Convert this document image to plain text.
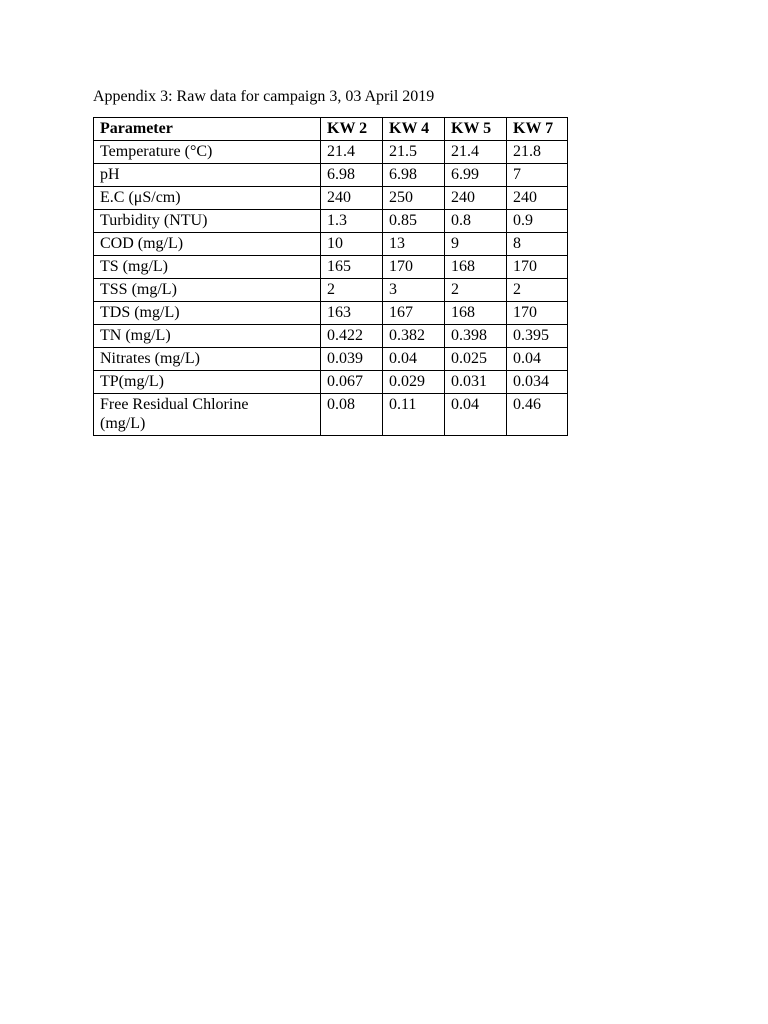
Appendix 3: Raw data for campaign 3, 03 April 2019
Parameter	KW 2	KW 4	KW 5	KW 7
Temperature (°C)	21.4	21.5	21.4	21.8
pH	6.98	6.98	6.99	7
E.C (μS/cm)	240	250	240	240
Turbidity (NTU)	1.3	0.85	0.8	0.9
COD (mg/L)	10	13	9	8
TS (mg/L)	165	170	168	170
TSS (mg/L)	2	3	2	2
TDS (mg/L)	163	167	168	170
TN (mg/L)	0.422	0.382	0.398	0.395
Nitrates (mg/L)	0.039	0.04	0.025	0.04
TP(mg/L)	0.067	0.029	0.031	0.034
Free Residual Chlorine
(mg/L)	0.08	0.11	0.04	0.46
